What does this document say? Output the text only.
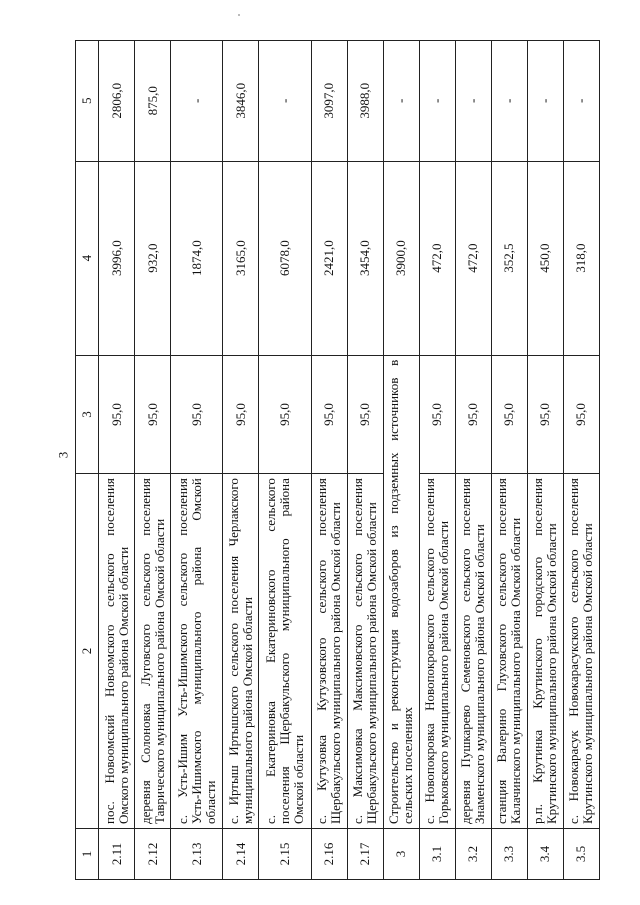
3
1	2	3	4	5
2.11	пос. Новоомский Новоомского сельского поселения Омского муниципального района Омской области	95,0	3996,0	2806,0
2.12	деревня Солоновка Луговского сельского поселения Таврического муниципального района Омской области	95,0	932,0	875,0
2.13	с. Усть-Ишим Усть-Ишимского сельского поселения Усть-Ишимского муниципального района Омской области	95,0	1874,0	-
2.14	с. Иртыш Иртышского сельского поселения Черлакского муниципального района Омской области	95,0	3165,0	3846,0
2.15	с. Екатериновка Екатериновского сельского поселения Щербакульского муниципального района Омской области	95,0	6078,0	-
2.16	с. Кутузовка Кутузовского сельского поселения Щербакульского муниципального района Омской области	95,0	2421,0	3097,0
2.17	с. Максимовка Максимовского сельского поселения Щербакульского муниципального района Омской области	95,0	3454,0	3988,0
3	Строительство и реконструкция водозаборов из подземных источников в сельских поселениях		3900,0	-
3.1	с. Новопокровка Новопокровского сельского поселения Горьковского муниципального района Омской области	95,0	472,0	-
3.2	деревня Пушкарево Семеновского сельского поселения Знаменского муниципального района Омской области	95,0	472,0	-
3.3	станция Валерино Глуховского сельского поселения Калачинского муниципального района Омской области	95,0	352,5	-
3.4	р.п. Крутинка Крутинского городского поселения Крутинского муниципального района Омской области	95,0	450,0	-
3.5	с. Новокарасук Новокарасукского сельского поселения Крутинского муниципального района Омской области	95,0	318,0	-
